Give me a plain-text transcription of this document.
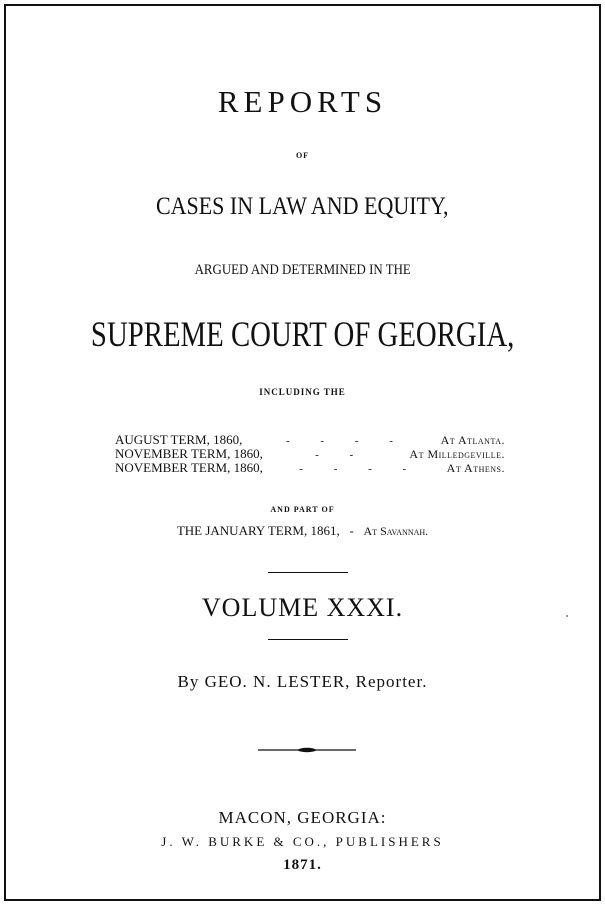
REPORTS
OF
CASES IN LAW AND EQUITY,
ARGUED AND DETERMINED IN THE
SUPREME COURT OF GEORGIA,
INCLUDING THE
AUGUST TERM, 1860,	- - - -	At Atlanta.
NOVEMBER TERM, 1860,	- -	At Milledgeville.
NOVEMBER TERM, 1860,	- - - -	At Athens.
AND PART OF
THE JANUARY TERM, 1861, - At Savannah.
VOLUME XXXI.
By GEO. N. LESTER, Reporter.
MACON, GEORGIA:
J. W. BURKE & CO., PUBLISHERS
1871.
